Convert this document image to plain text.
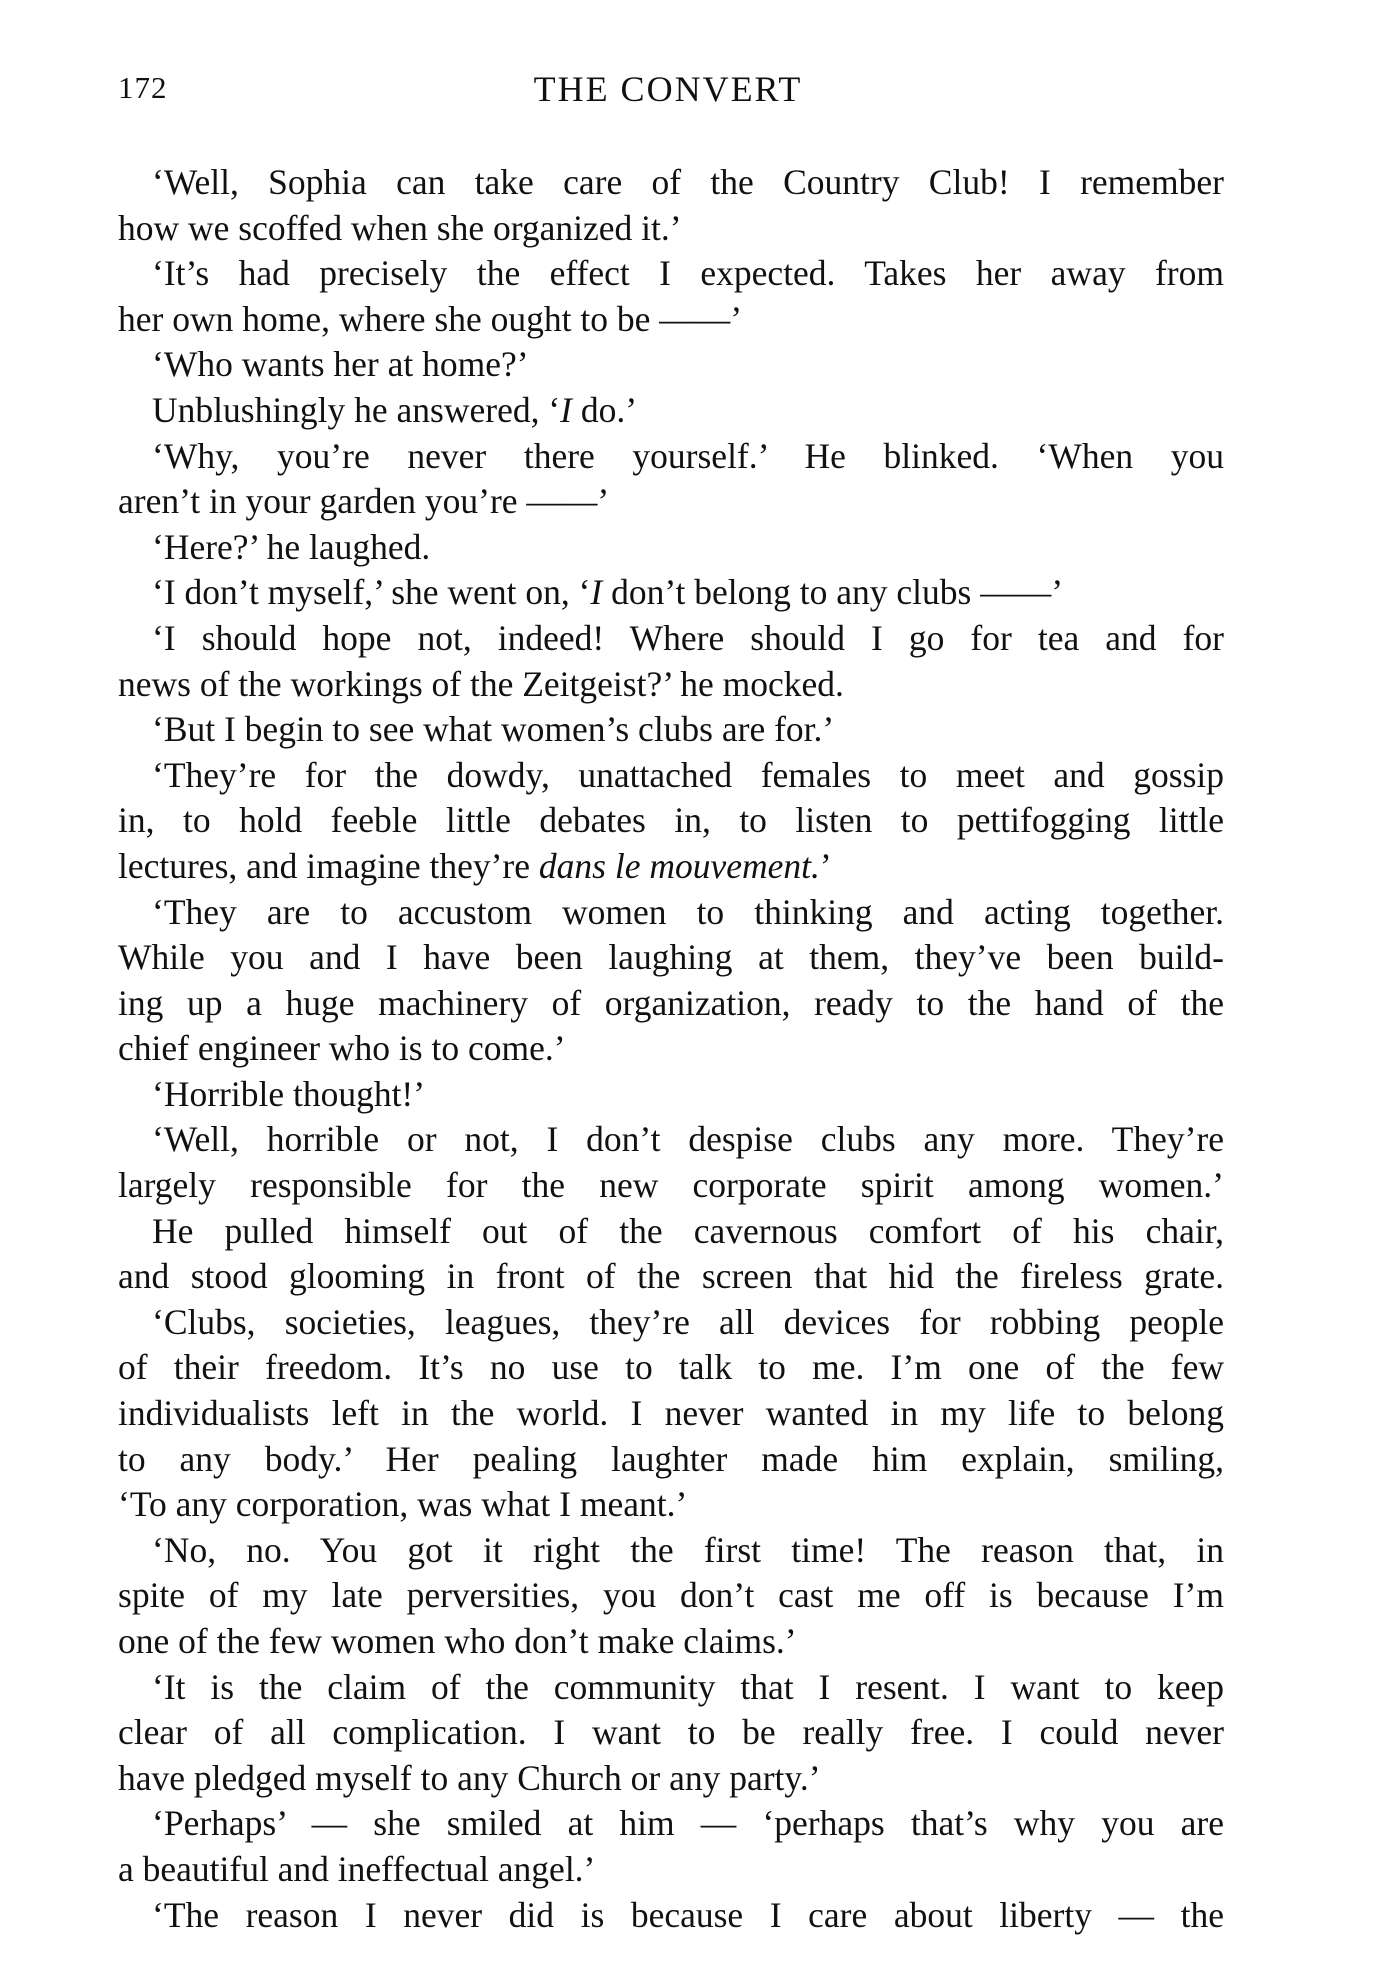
172	THE CONVERT
‘Well, Sophia can take care of the Country Club! I remember
how we scoffed when she organized it.’
‘It’s had precisely the effect I expected. Takes her away from
her own home, where she ought to be ——’
‘Who wants her at home?’
Unblushingly he answered, ‘I do.’
‘Why, you’re never there yourself.’ He blinked. ‘When you
aren’t in your garden you’re ——’
‘Here?’ he laughed.
‘I don’t myself,’ she went on, ‘I don’t belong to any clubs ——’
‘I should hope not, indeed! Where should I go for tea and for
news of the workings of the Zeitgeist?’ he mocked.
‘But I begin to see what women’s clubs are for.’
‘They’re for the dowdy, unattached females to meet and gossip
in, to hold feeble little debates in, to listen to pettifogging little
lectures, and imagine they’re dans le mouvement.’
‘They are to accustom women to thinking and acting together.
While you and I have been laughing at them, they’ve been build-
ing up a huge machinery of organization, ready to the hand of the
chief engineer who is to come.’
‘Horrible thought!’
‘Well, horrible or not, I don’t despise clubs any more. They’re
largely responsible for the new corporate spirit among women.’
He pulled himself out of the cavernous comfort of his chair,
and stood glooming in front of the screen that hid the fireless grate.
‘Clubs, societies, leagues, they’re all devices for robbing people
of their freedom. It’s no use to talk to me. I’m one of the few
individualists left in the world. I never wanted in my life to belong
to any body.’ Her pealing laughter made him explain, smiling,
‘To any corporation, was what I meant.’
‘No, no. You got it right the first time! The reason that, in
spite of my late perversities, you don’t cast me off is because I’m
one of the few women who don’t make claims.’
‘It is the claim of the community that I resent. I want to keep
clear of all complication. I want to be really free. I could never
have pledged myself to any Church or any party.’
‘Perhaps’ — she smiled at him — ‘perhaps that’s why you are
a beautiful and ineffectual angel.’
‘The reason I never did is because I care about liberty — the
